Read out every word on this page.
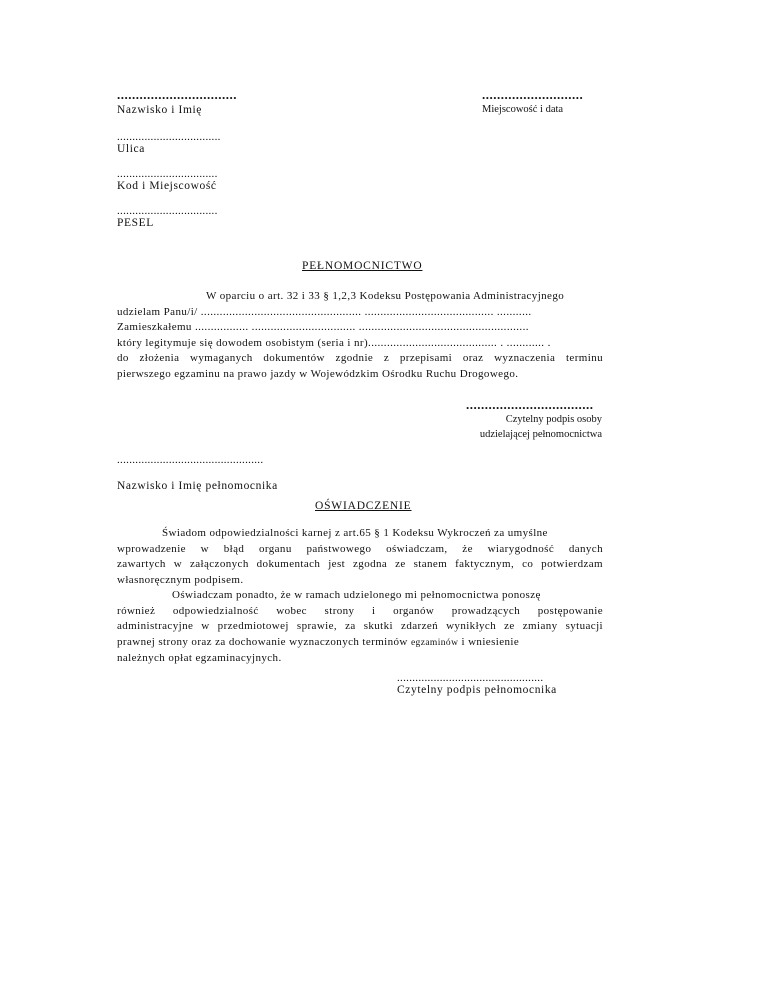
................................
Nazwisko i Imię
..................................
Ulica
.................................
Kod i Miejscowość
.................................
PESEL
...........................
Miejscowość i data
PEŁNOMOCNICTWO
W oparciu o art. 32 i 33 § 1,2,3 Kodeksu Postępowania Administracyjnego
udzielam Panu/i/ ................................................... ......................................... ...........
Zamieszkałemu ................. ................................. ......................................................
który legitymuje się dowodem osobistym (seria i nr)......................................... . ............ .
do złożenia wymaganych dokumentów zgodnie z przepisami oraz wyznaczenia terminu
pierwszego egzaminu na prawo jazdy w Wojewódzkim Ośrodku Ruchu Drogowego.
..................................
Czytelny podpis osoby
udzielającej pełnomocnictwa
................................................
Nazwisko i Imię pełnomocnika
OŚWIADCZENIE
Świadom odpowiedzialności karnej z art.65 § 1 Kodeksu Wykroczeń za umyślne
wprowadzenie w błąd organu państwowego oświadczam, że wiarygodność danych
zawartych w załączonych dokumentach jest zgodna ze stanem faktycznym, co potwierdzam
własnoręcznym podpisem.
Oświadczam ponadto, że w ramach udzielonego mi pełnomocnictwa ponoszę
również odpowiedzialność wobec strony i organów prowadzących postępowanie
administracyjne w przedmiotowej sprawie, za skutki zdarzeń wynikłych ze zmiany sytuacji
prawnej strony oraz za dochowanie wyznaczonych terminów egzaminów i wniesienie
należnych opłat egzaminacyjnych.
................................................
Czytelny podpis pełnomocnika
